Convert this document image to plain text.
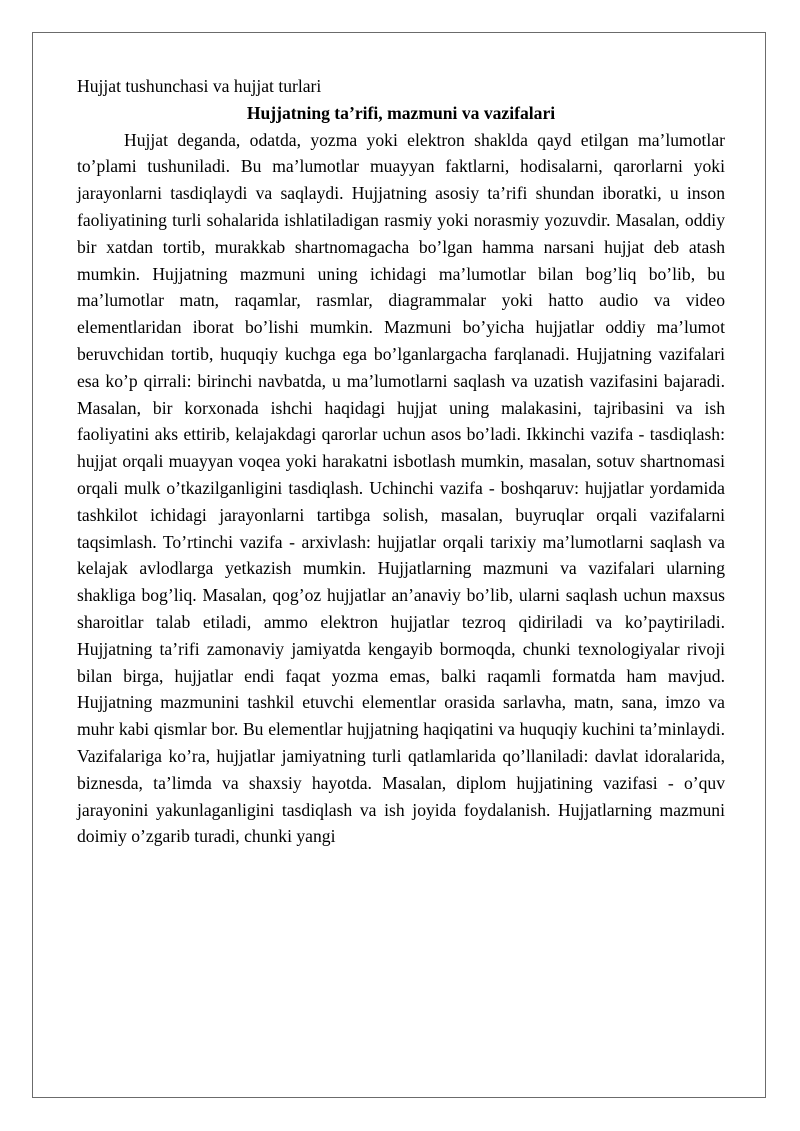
Hujjat tushunchasi va hujjat turlari

Hujjatning ta’rifi, mazmuni va vazifalari

Hujjat deganda, odatda, yozma yoki elektron shaklda qayd etilgan ma’lumotlar to’plami tushuniladi. Bu ma’lumotlar muayyan faktlarni, hodisalarni, qarorlarni yoki jarayonlarni tasdiqlaydi va saqlaydi. Hujjatning asosiy ta’rifi shundan iboratki, u inson faoliyatining turli sohalarida ishlatiladigan rasmiy yoki norasmiy yozuvdir. Masalan, oddiy bir xatdan tortib, murakkab shartnomagacha bo’lgan hamma narsani hujjat deb atash mumkin. Hujjatning mazmuni uning ichidagi ma’lumotlar bilan bog’liq bo’lib, bu ma’lumotlar matn, raqamlar, rasmlar, diagrammalar yoki hatto audio va video elementlaridan iborat bo’lishi mumkin. Mazmuni bo’yicha hujjatlar oddiy ma’lumot beruvchidan tortib, huquqiy kuchga ega bo’lganlargacha farqlanadi. Hujjatning vazifalari esa ko’p qirrali: birinchi navbatda, u ma’lumotlarni saqlash va uzatish vazifasini bajaradi. Masalan, bir korxonada ishchi haqidagi hujjat uning malakasini, tajribasini va ish faoliyatini aks ettirib, kelajakdagi qarorlar uchun asos bo’ladi. Ikkinchi vazifa - tasdiqlash: hujjat orqali muayyan voqea yoki harakatni isbotlash mumkin, masalan, sotuv shartnomasi orqali mulk o’tkazilganligini tasdiqlash. Uchinchi vazifa - boshqaruv: hujjatlar yordamida tashkilot ichidagi jarayonlarni tartibga solish, masalan, buyruqlar orqali vazifalarni taqsimlash. To’rtinchi vazifa - arxivlash: hujjatlar orqali tarixiy ma’lumotlarni saqlash va kelajak avlodlarga yetkazish mumkin. Hujjatlarning mazmuni va vazifalari ularning shakliga bog’liq. Masalan, qog’oz hujjatlar an’anaviy bo’lib, ularni saqlash uchun maxsus sharoitlar talab etiladi, ammo elektron hujjatlar tezroq qidiriladi va ko’paytiriladi. Hujjatning ta’rifi zamonaviy jamiyatda kengayib bormoqda, chunki texnologiyalar rivoji bilan birga, hujjatlar endi faqat yozma emas, balki raqamli formatda ham mavjud. Hujjatning mazmunini tashkil etuvchi elementlar orasida sarlavha, matn, sana, imzo va muhr kabi qismlar bor. Bu elementlar hujjatning haqiqatini va huquqiy kuchini ta’minlaydi. Vazifalariga ko’ra, hujjatlar jamiyatning turli qatlamlarida qo’llaniladi: davlat idoralarida, biznesda, ta’limda va shaxsiy hayotda. Masalan, diplom hujjatining vazifasi - o’quv jarayonini yakunlaganligini tasdiqlash va ish joyida foydalanish. Hujjatlarning mazmuni doimiy o’zgarib turadi, chunki yangi
